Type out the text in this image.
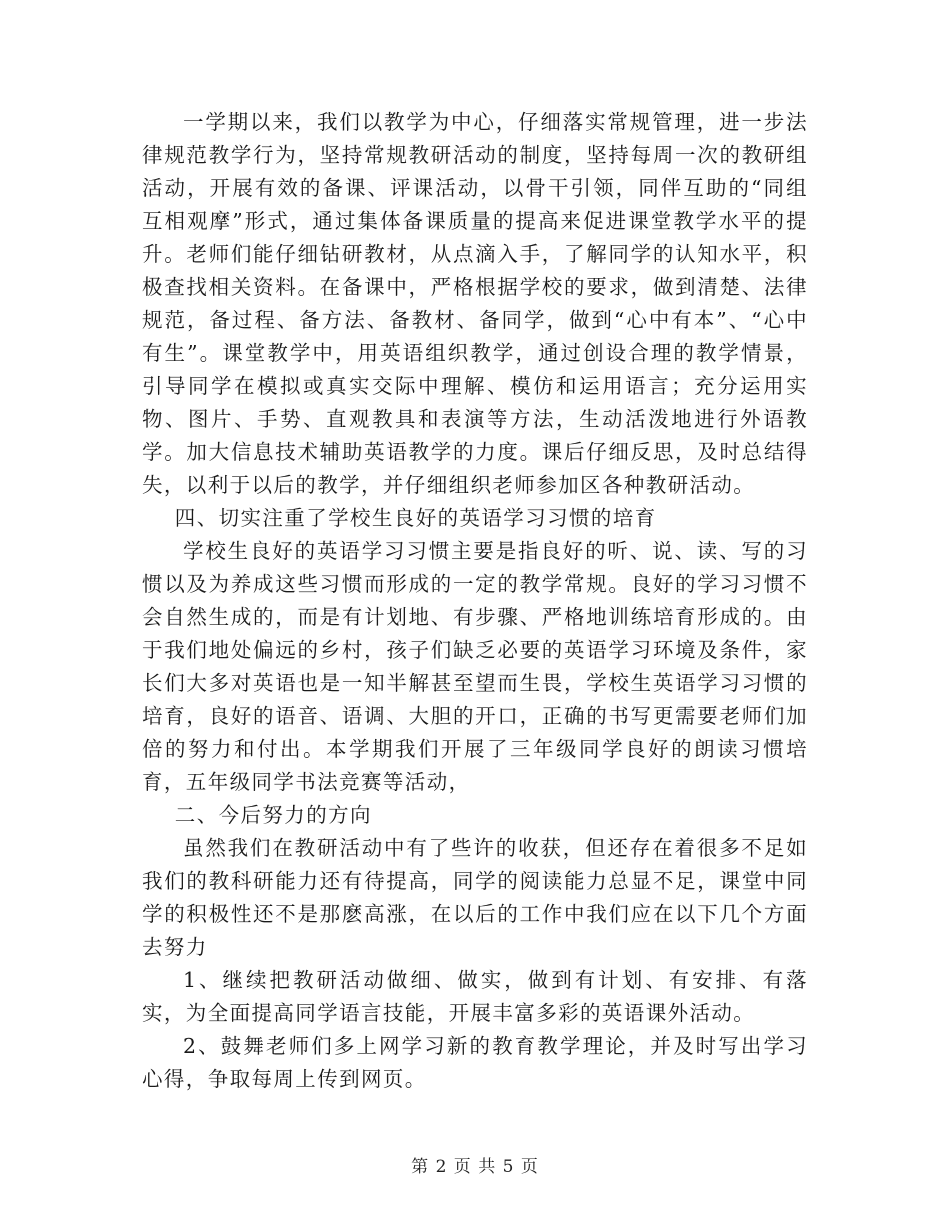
一学期以来，我们以教学为中心，仔细落实常规管理，进一步法律规范教学行为，坚持常规教研活动的制度，坚持每周一次的教研组活动，开展有效的备课、评课活动，以骨干引领，同伴互助的“同组互相观摩”形式，通过集体备课质量的提高来促进课堂教学水平的提升。老师们能仔细钻研教材，从点滴入手，了解同学的认知水平，积极查找相关资料。在备课中，严格根据学校的要求，做到清楚、法律规范，备过程、备方法、备教材、备同学，做到“心中有本”、“心中有生”。课堂教学中，用英语组织教学，通过创设合理的教学情景，引导同学在模拟或真实交际中理解、模仿和运用语言；充分运用实物、图片、手势、直观教具和表演等方法，生动活泼地进行外语教学。加大信息技术辅助英语教学的力度。课后仔细反思，及时总结得失，以利于以后的教学，并仔细组织老师参加区各种教研活动。

四、切实注重了学校生良好的英语学习习惯的培育

学校生良好的英语学习习惯主要是指良好的听、说、读、写的习惯以及为养成这些习惯而形成的一定的教学常规。良好的学习习惯不会自然生成的，而是有计划地、有步骤、严格地训练培育形成的。由于我们地处偏远的乡村，孩子们缺乏必要的英语学习环境及条件，家长们大多对英语也是一知半解甚至望而生畏，学校生英语学习习惯的培育，良好的语音、语调、大胆的开口，正确的书写更需要老师们加倍的努力和付出。本学期我们开展了三年级同学良好的朗读习惯培育，五年级同学书法竞赛等活动，

二、今后努力的方向

虽然我们在教研活动中有了些许的收获，但还存在着很多不足如我们的教科研能力还有待提高，同学的阅读能力总显不足，课堂中同学的积极性还不是那麽高涨，在以后的工作中我们应在以下几个方面去努力

1、继续把教研活动做细、做实，做到有计划、有安排、有落实，为全面提高同学语言技能，开展丰富多彩的英语课外活动。

2、鼓舞老师们多上网学习新的教育教学理论，并及时写出学习心得，争取每周上传到网页。

第 2 页 共 5 页
